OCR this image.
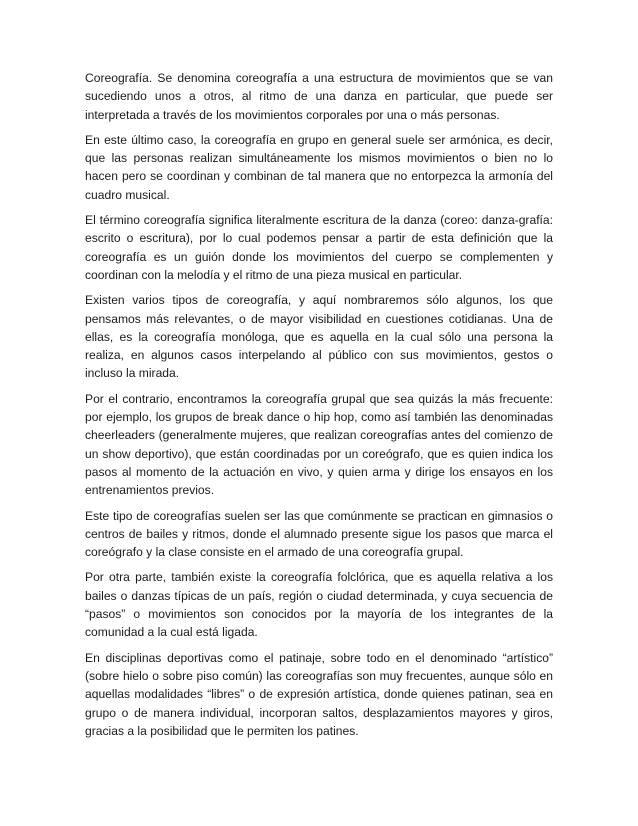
Coreografía. Se denomina coreografía a una estructura de movimientos que se van sucediendo unos a otros, al ritmo de una danza en particular, que puede ser interpretada a través de los movimientos corporales por una o más personas.

En este último caso, la coreografía en grupo en general suele ser armónica, es decir, que las personas realizan simultáneamente los mismos movimientos o bien no lo hacen pero se coordinan y combinan de tal manera que no entorpezca la armonía del cuadro musical.

El término coreografía significa literalmente escritura de la danza (coreo: danza-grafía: escrito o escritura), por lo cual podemos pensar a partir de esta definición que la coreografía es un guión donde los movimientos del cuerpo se complementen y coordinan con la melodía y el ritmo de una pieza musical en particular.

Existen varios tipos de coreografía, y aquí nombraremos sólo algunos, los que pensamos más relevantes, o de mayor visibilidad en cuestiones cotidianas. Una de ellas, es la coreografía monóloga, que es aquella en la cual sólo una persona la realiza, en algunos casos interpelando al público con sus movimientos, gestos o incluso la mirada.

Por el contrario, encontramos la coreografía grupal que sea quizás la más frecuente: por ejemplo, los grupos de break dance o hip hop, como así también las denominadas cheerleaders (generalmente mujeres, que realizan coreografías antes del comienzo de un show deportivo), que están coordinadas por un coreógrafo, que es quien indica los pasos al momento de la actuación en vivo, y quien arma y dirige los ensayos en los entrenamientos previos.

Este tipo de coreografías suelen ser las que comúnmente se practican en gimnasios o centros de bailes y ritmos, donde el alumnado presente sigue los pasos que marca el coreógrafo y la clase consiste en el armado de una coreografía grupal.

Por otra parte, también existe la coreografía folclórica, que es aquella relativa a los bailes o danzas típicas de un país, región o ciudad determinada, y cuya secuencia de “pasos” o movimientos son conocidos por la mayoría de los integrantes de la comunidad a la cual está ligada.

En disciplinas deportivas como el patinaje, sobre todo en el denominado “artístico” (sobre hielo o sobre piso común) las coreografías son muy frecuentes, aunque sólo en aquellas modalidades “libres” o de expresión artística, donde quienes patinan, sea en grupo o de manera individual, incorporan saltos, desplazamientos mayores y giros, gracias a la posibilidad que le permiten los patines.
